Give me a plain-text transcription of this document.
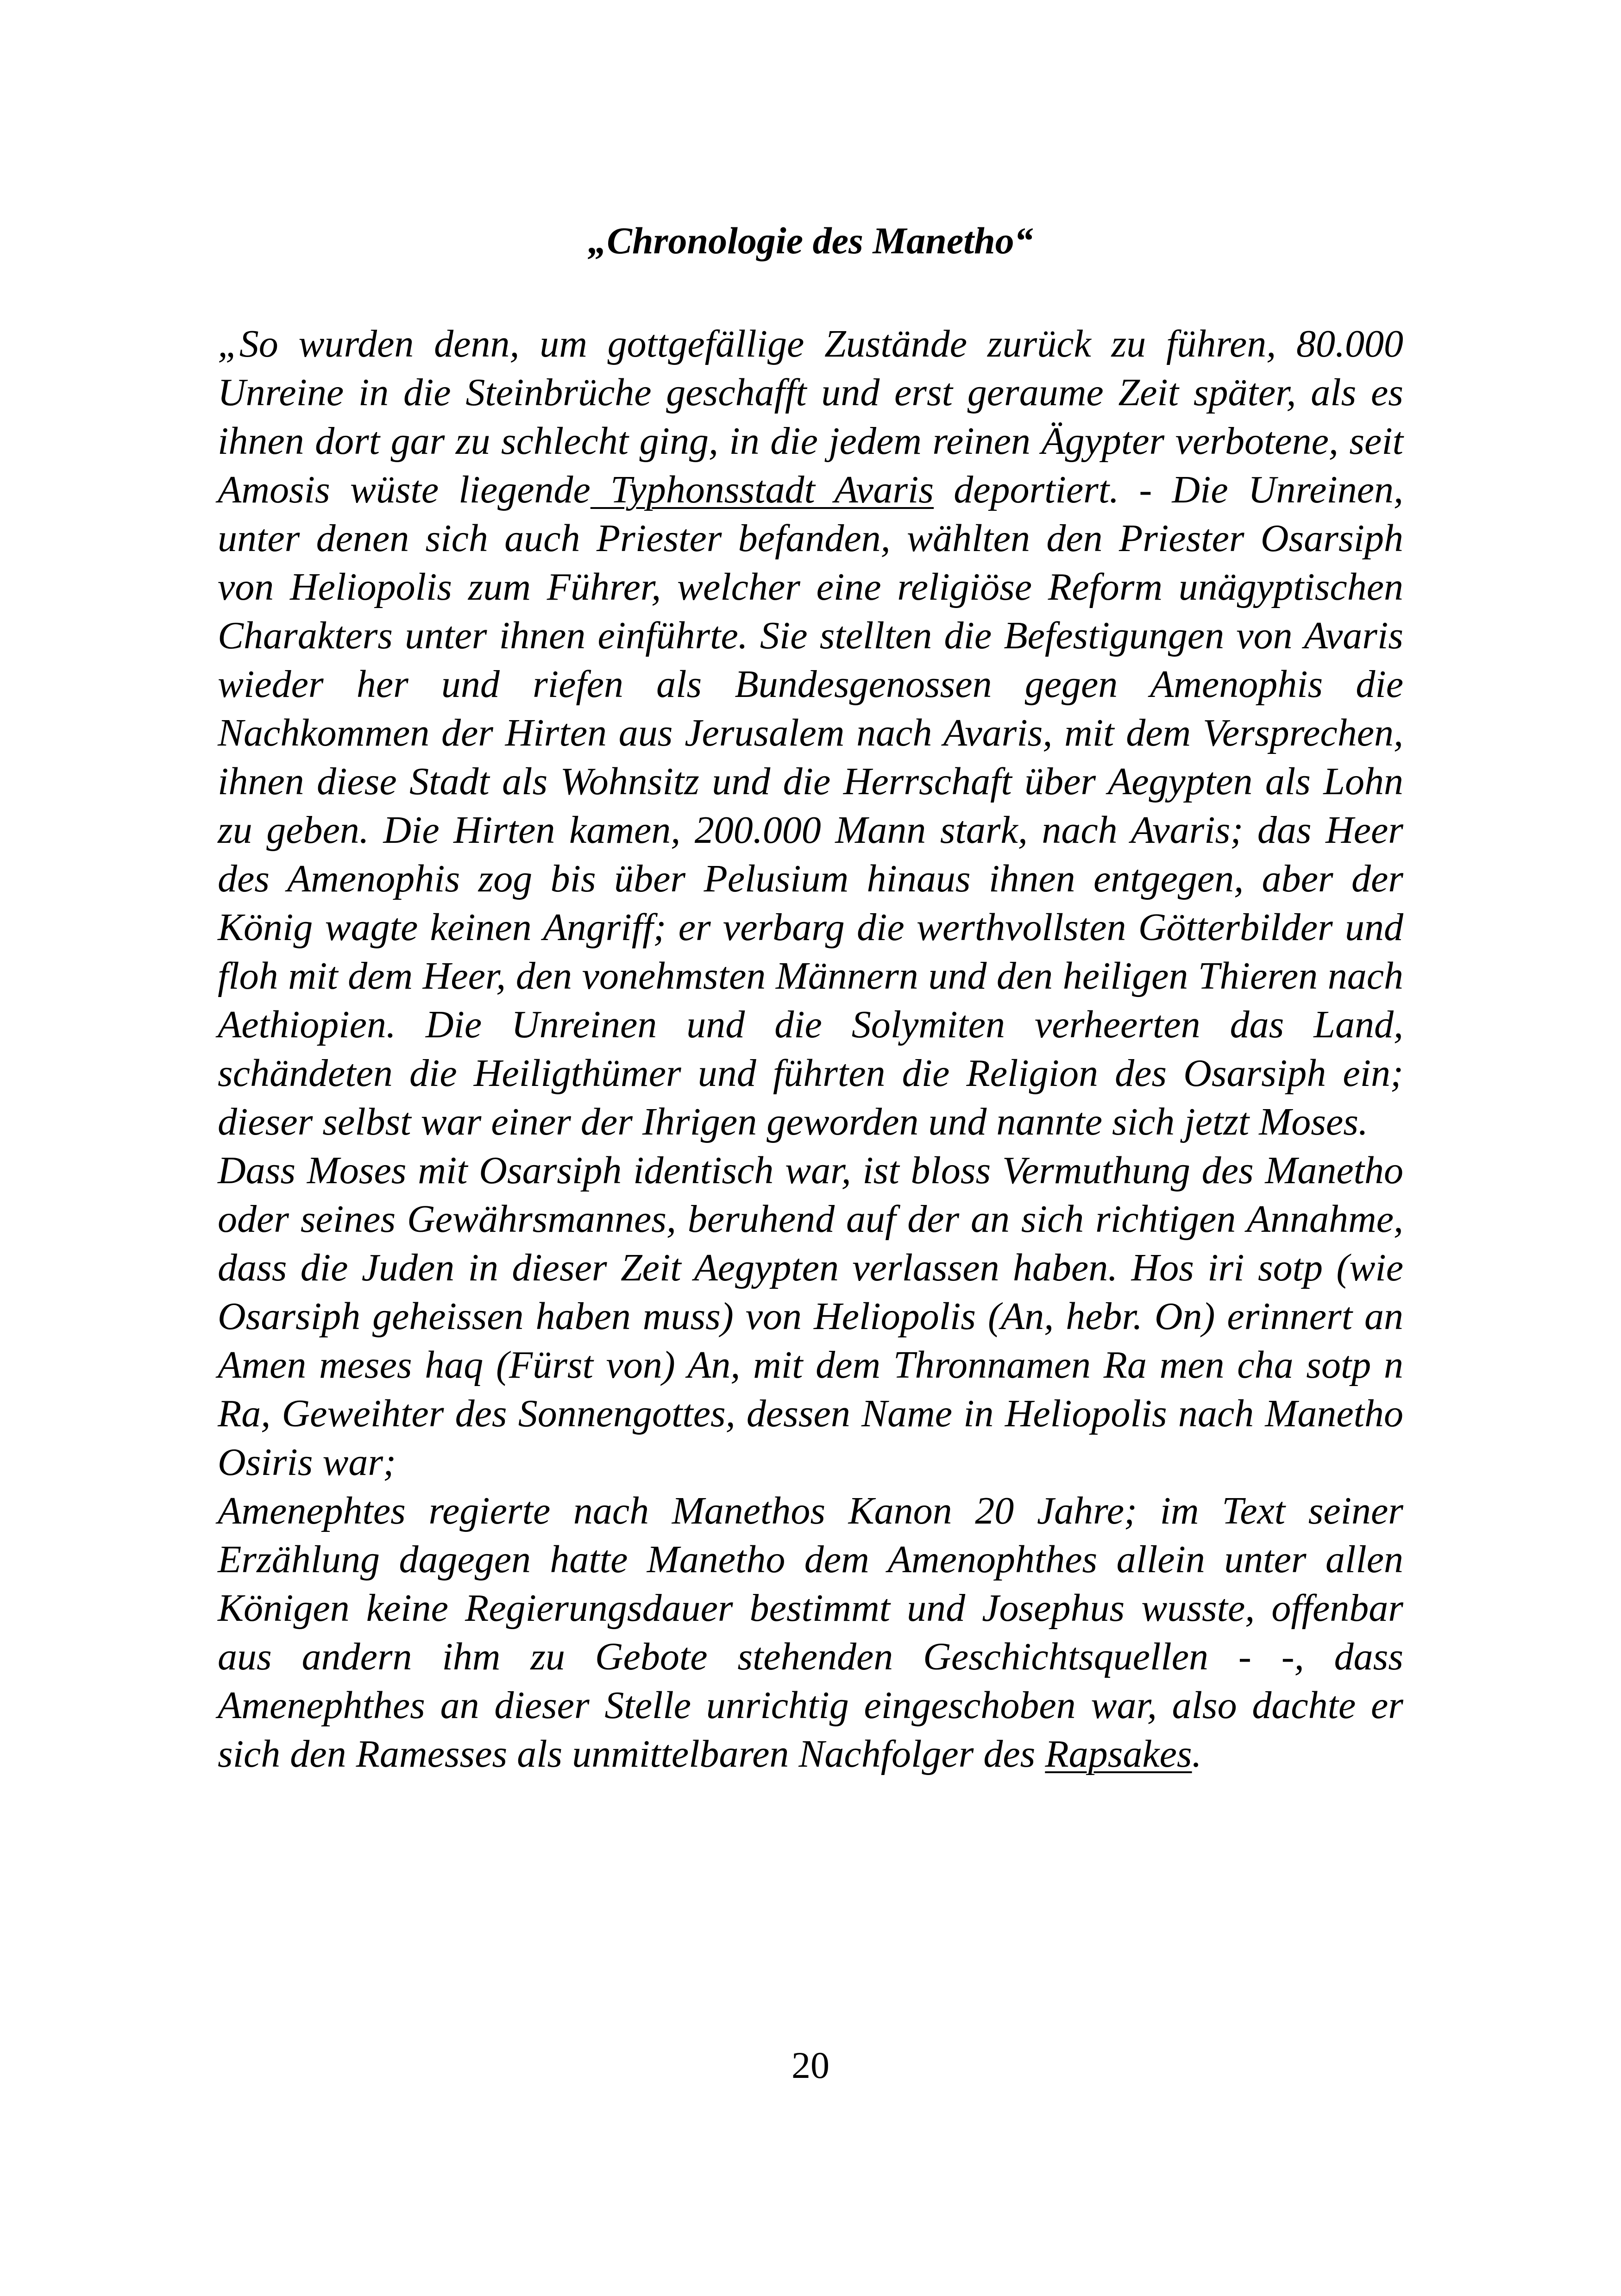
„Chronologie des Manetho“

„So wurden denn, um gottgefällige Zustände zurück zu führen, 80.000 Unreine in die Steinbrüche geschafft und erst geraume Zeit später, als es ihnen dort gar zu schlecht ging, in die jedem reinen Ägypter verbotene, seit Amosis wüste liegende Typhonsstadt Avaris deportiert. - Die Unreinen, unter denen sich auch Priester befanden, wählten den Priester Osarsiph von Heliopolis zum Führer, welcher eine religiöse Reform unägyptischen Charakters unter ihnen einführte. Sie stellten die Befestigungen von Avaris wieder her und riefen als Bundesgenossen gegen Amenophis die Nachkommen der Hirten aus Jerusalem nach Avaris, mit dem Versprechen, ihnen diese Stadt als Wohnsitz und die Herrschaft über Aegypten als Lohn zu geben. Die Hirten kamen, 200.000 Mann stark, nach Avaris; das Heer des Amenophis zog bis über Pelusium hinaus ihnen entgegen, aber der König wagte keinen Angriff; er verbarg die werthvollsten Götterbilder und floh mit dem Heer, den vonehmsten Männern und den heiligen Thieren nach Aethiopien. Die Unreinen und die Solymiten verheerten das Land, schändeten die Heiligthümer und führten die Religion des Osarsiph ein; dieser selbst war einer der Ihrigen geworden und nannte sich jetzt Moses.

Dass Moses mit Osarsiph identisch war, ist bloss Vermuthung des Manetho oder seines Gewährsmannes, beruhend auf der an sich richtigen Annahme, dass die Juden in dieser Zeit Aegypten verlassen haben. Hos iri sotp (wie Osarsiph geheissen haben muss) von Heliopolis (An, hebr. On) erinnert an Amen meses haq (Fürst von) An, mit dem Thronnamen Ra men cha sotp n Ra, Geweihter des Sonnengottes, dessen Name in Heliopolis nach Manetho Osiris war;

Amenephtes regierte nach Manethos Kanon 20 Jahre; im Text seiner Erzählung dagegen hatte Manetho dem Amenophthes allein unter allen Königen keine Regierungsdauer bestimmt und Josephus wusste, offenbar aus andern ihm zu Gebote stehenden Geschichtsquellen - -, dass Amenephthes an dieser Stelle unrichtig eingeschoben war, also dachte er sich den Ramesses als unmittelbaren Nachfolger des Rapsakes.

20
